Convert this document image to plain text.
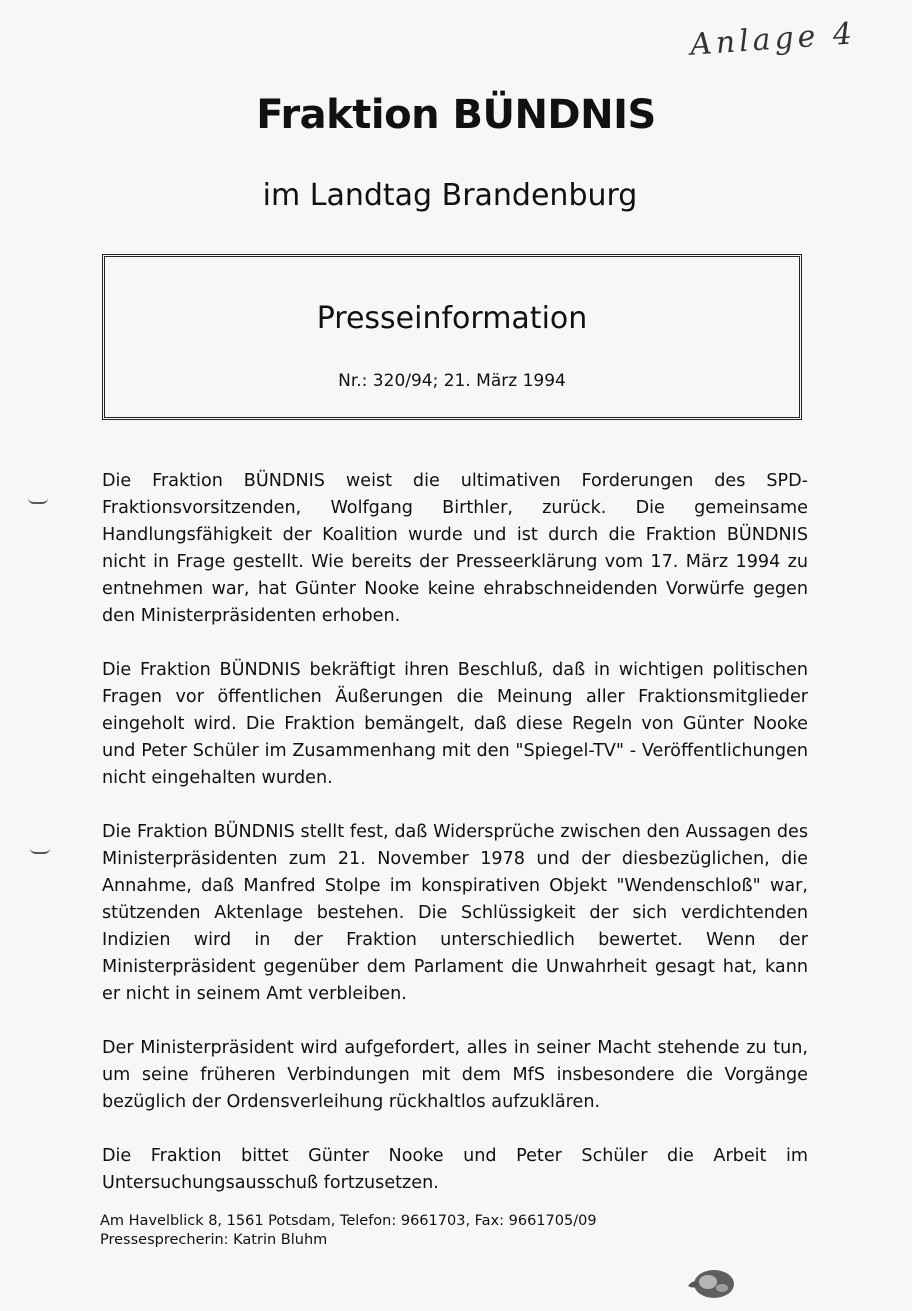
Anlage 4
Fraktion BÜNDNIS
im Landtag Brandenburg
Presseinformation
Nr.: 320/94; 21. März 1994

Die Fraktion BÜNDNIS weist die ultimativen Forderungen des SPD-Fraktionsvorsitzenden, Wolfgang Birthler, zurück. Die gemeinsame Handlungsfähigkeit der Koalition wurde und ist durch die Fraktion BÜNDNIS nicht in Frage gestellt. Wie bereits der Presseerklärung vom 17. März 1994 zu entnehmen war, hat Günter Nooke keine ehrabschneidenden Vorwürfe gegen den Ministerpräsidenten erhoben.

Die Fraktion BÜNDNIS bekräftigt ihren Beschluß, daß in wichtigen politischen Fragen vor öffentlichen Äußerungen die Meinung aller Fraktionsmitglieder eingeholt wird. Die Fraktion bemängelt, daß diese Regeln von Günter Nooke und Peter Schüler im Zusammenhang mit den "Spiegel-TV" - Veröffentlichungen nicht eingehalten wurden.

Die Fraktion BÜNDNIS stellt fest, daß Widersprüche zwischen den Aussagen des Ministerpräsidenten zum 21. November 1978 und der diesbezüglichen, die Annahme, daß Manfred Stolpe im konspirativen Objekt "Wendenschloß" war, stützenden Aktenlage bestehen. Die Schlüssigkeit der sich verdichtenden Indizien wird in der Fraktion unterschiedlich bewertet. Wenn der Ministerpräsident gegenüber dem Parlament die Unwahrheit gesagt hat, kann er nicht in seinem Amt verbleiben.

Der Ministerpräsident wird aufgefordert, alles in seiner Macht stehende zu tun, um seine früheren Verbindungen mit dem MfS insbesondere die Vorgänge bezüglich der Ordensverleihung rückhaltlos aufzuklären.

Die Fraktion bittet Günter Nooke und Peter Schüler die Arbeit im Untersuchungsausschuß fortzusetzen.

Am Havelblick 8, 1561 Potsdam, Telefon: 9661703, Fax: 9661705/09
Pressesprecherin: Katrin Bluhm
